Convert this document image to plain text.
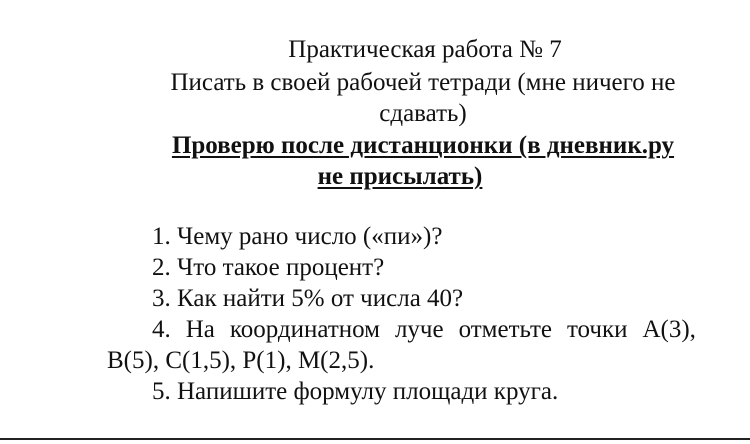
Практическая работа № 7
Писать в своей рабочей тетради (мне ничего не
сдавать)
Проверю после дистанционки (в дневник.ру
не присылать)
1. Чему рано число («пи»)?
2. Что такое процент?
3. Как найти 5% от числа 40?
4. На координатном луче отметьте точки А(3),
В(5), С(1,5), Р(1), М(2,5).
5. Напишите формулу площади круга.
